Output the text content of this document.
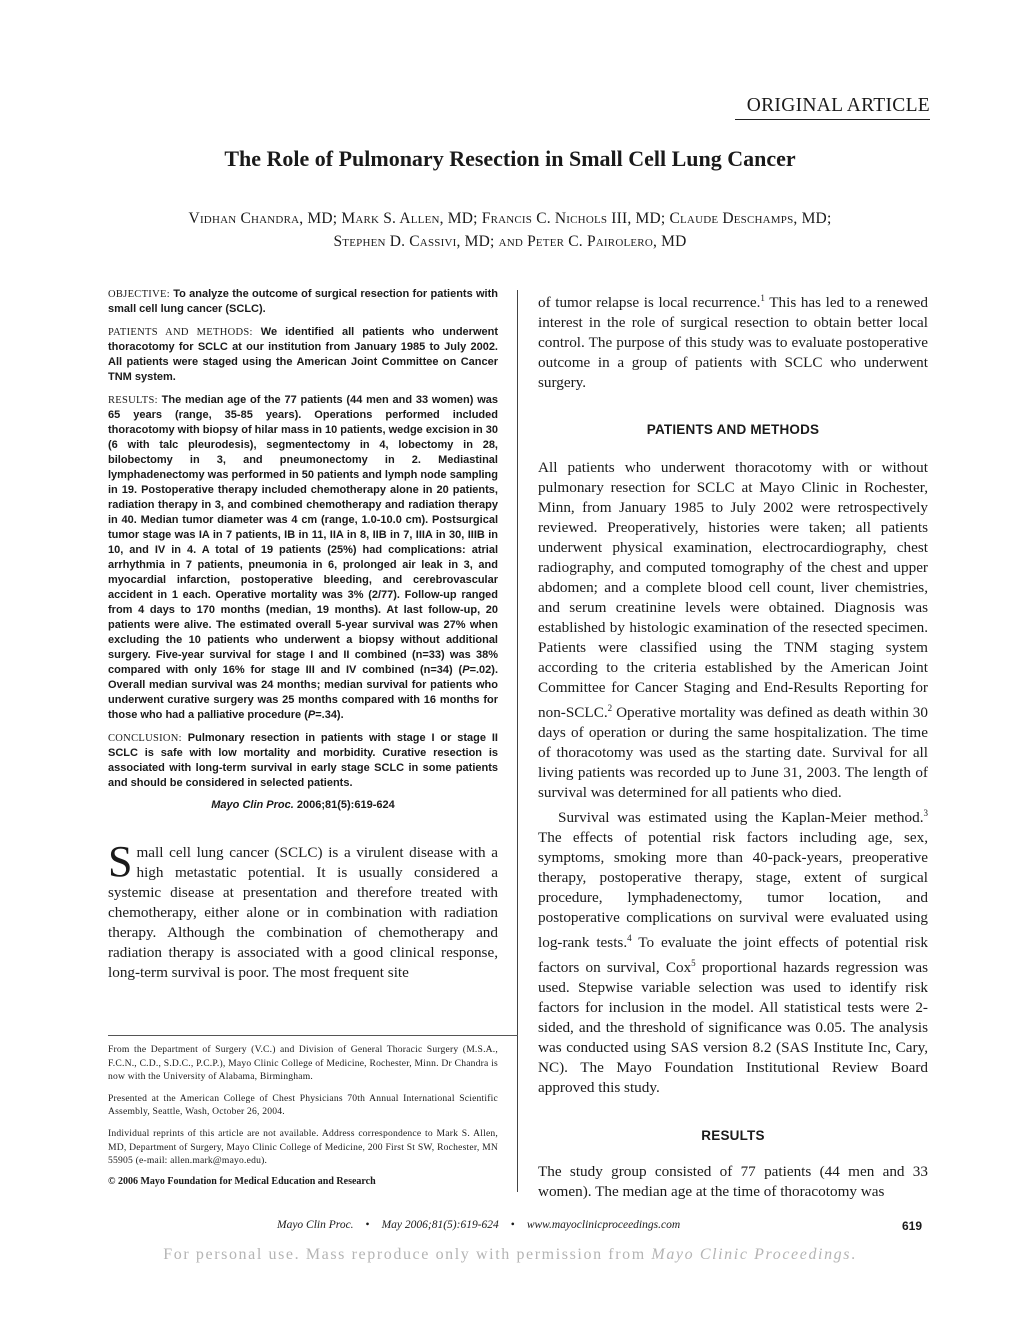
ORIGINAL ARTICLE
The Role of Pulmonary Resection in Small Cell Lung Cancer
Vidhan Chandra, MD; Mark S. Allen, MD; Francis C. Nichols III, MD; Claude Deschamps, MD;
Stephen D. Cassivi, MD; and Peter C. Pairolero, MD

OBJECTIVE: To analyze the outcome of surgical resection for patients with small cell lung cancer (SCLC).

PATIENTS AND METHODS: We identified all patients who underwent thoracotomy for SCLC at our institution from January 1985 to July 2002. All patients were staged using the American Joint Committee on Cancer TNM system.

RESULTS: The median age of the 77 patients (44 men and 33 women) was 65 years (range, 35-85 years). Operations performed included thoracotomy with biopsy of hilar mass in 10 patients, wedge excision in 30 (6 with talc pleurodesis), segmentectomy in 4, lobectomy in 28, bilobectomy in 3, and pneumonectomy in 2. Mediastinal lymphadenectomy was performed in 50 patients and lymph node sampling in 19. Postoperative therapy included chemotherapy alone in 20 patients, radiation therapy in 3, and combined chemotherapy and radiation therapy in 40. Median tumor diameter was 4 cm (range, 1.0-10.0 cm). Postsurgical tumor stage was IA in 7 patients, IB in 11, IIA in 8, IIB in 7, IIIA in 30, IIIB in 10, and IV in 4. A total of 19 patients (25%) had complications: atrial arrhythmia in 7 patients, pneumonia in 6, prolonged air leak in 3, and myocardial infarction, postoperative bleeding, and cerebrovascular accident in 1 each. Operative mortality was 3% (2/77). Follow-up ranged from 4 days to 170 months (median, 19 months). At last follow-up, 20 patients were alive. The estimated overall 5-year survival was 27% when excluding the 10 patients who underwent a biopsy without additional surgery. Five-year survival for stage I and II combined (n=33) was 38% compared with only 16% for stage III and IV combined (n=34) (P=.02). Overall median survival was 24 months; median survival for patients who underwent curative surgery was 25 months compared with 16 months for those who had a palliative procedure (P=.34).

CONCLUSION: Pulmonary resection in patients with stage I or stage II SCLC is safe with low mortality and morbidity. Curative resection is associated with long-term survival in early stage SCLC in some patients and should be considered in selected patients.

Mayo Clin Proc. 2006;81(5):619-624

Small cell lung cancer (SCLC) is a virulent disease with a high metastatic potential. It is usually considered a systemic disease at presentation and therefore treated with chemotherapy, either alone or in combination with radiation therapy. Although the combination of chemotherapy and radiation therapy is associated with a good clinical response, long-term survival is poor. The most frequent site

From the Department of Surgery (V.C.) and Division of General Thoracic Surgery (M.S.A., F.C.N., C.D., S.D.C., P.C.P.), Mayo Clinic College of Medicine, Rochester, Minn. Dr Chandra is now with the University of Alabama, Birmingham.

Presented at the American College of Chest Physicians 70th Annual International Scientific Assembly, Seattle, Wash, October 26, 2004.

Individual reprints of this article are not available. Address correspondence to Mark S. Allen, MD, Department of Surgery, Mayo Clinic College of Medicine, 200 First St SW, Rochester, MN 55905 (e-mail: allen.mark@mayo.edu).

© 2006 Mayo Foundation for Medical Education and Research

of tumor relapse is local recurrence.$^1$ This has led to a renewed interest in the role of surgical resection to obtain better local control. The purpose of this study was to evaluate postoperative outcome in a group of patients with SCLC who underwent surgery.

PATIENTS AND METHODS

All patients who underwent thoracotomy with or without pulmonary resection for SCLC at Mayo Clinic in Rochester, Minn, from January 1985 to July 2002 were retrospectively reviewed. Preoperatively, histories were taken; all patients underwent physical examination, electrocardiography, chest radiography, and computed tomography of the chest and upper abdomen; and a complete blood cell count, liver chemistries, and serum creatinine levels were obtained. Diagnosis was established by histologic examination of the resected specimen. Patients were classified using the TNM staging system according to the criteria established by the American Joint Committee for Cancer Staging and End-Results Reporting for non-SCLC.$^2$ Operative mortality was defined as death within 30 days of operation or during the same hospitalization. The time of thoracotomy was used as the starting date. Survival for all living patients was recorded up to June 31, 2003. The length of survival was determined for all patients who died.

Survival was estimated using the Kaplan-Meier method.$^3$ The effects of potential risk factors including age, sex, symptoms, smoking more than 40-pack-years, preoperative therapy, postoperative therapy, stage, extent of surgical procedure, lymphadenectomy, tumor location, and postoperative complications on survival were evaluated using log-rank tests.$^4$ To evaluate the joint effects of potential risk factors on survival, Cox$^5$ proportional hazards regression was used. Stepwise variable selection was used to identify risk factors for inclusion in the model. All statistical tests were 2-sided, and the threshold of significance was 0.05. The analysis was conducted using SAS version 8.2 (SAS Institute Inc, Cary, NC). The Mayo Foundation Institutional Review Board approved this study.

RESULTS

The study group consisted of 77 patients (44 men and 33 women). The median age at the time of thoracotomy was

Mayo Clin Proc. • May 2006;81(5):619-624 • www.mayoclinicproceedings.com	619
For personal use. Mass reproduce only with permission from Mayo Clinic Proceedings.
